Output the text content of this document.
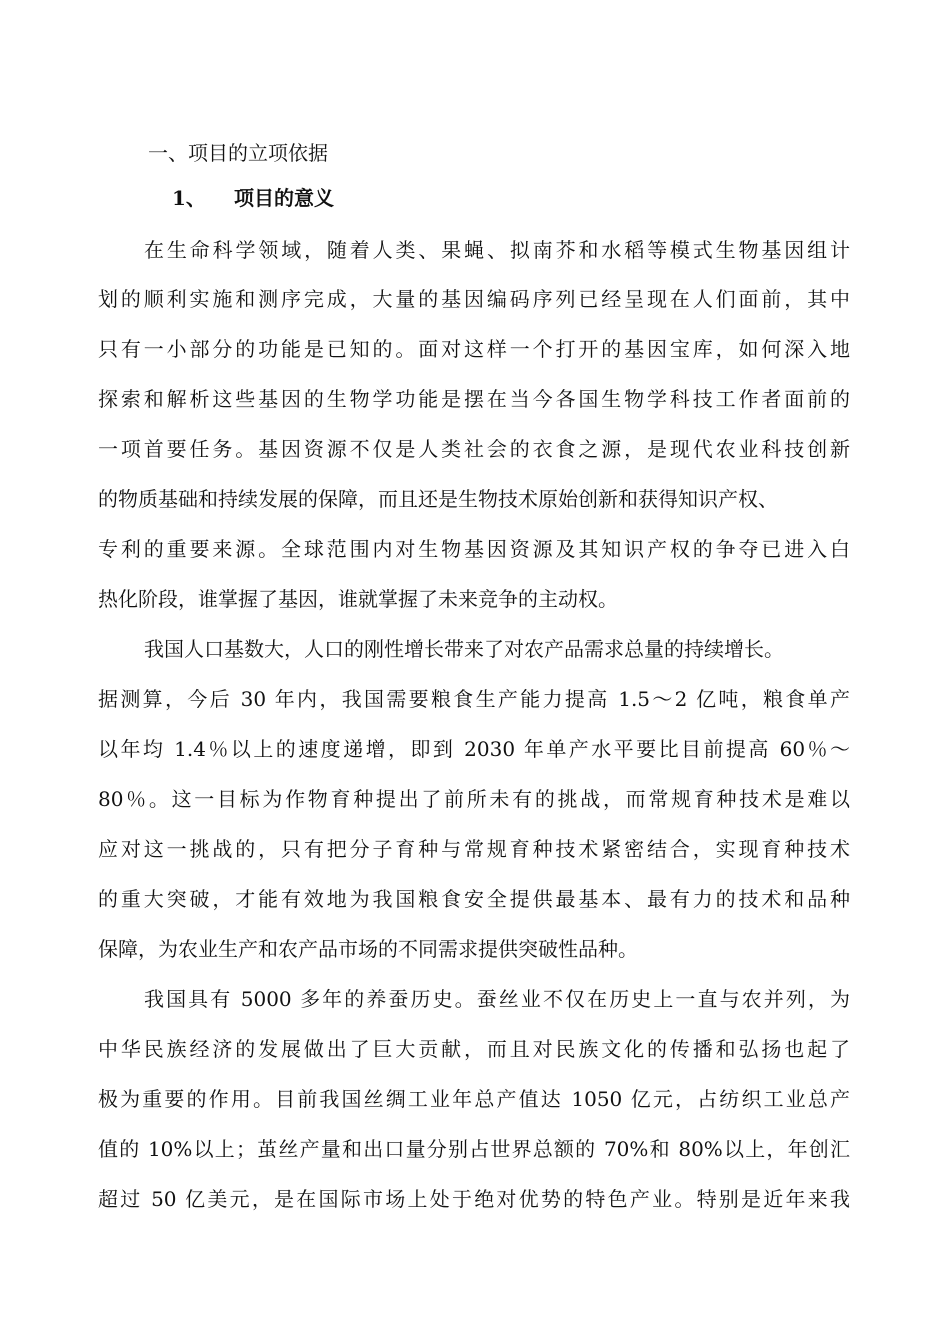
一、项目的立项依据
1、 项目的意义
在生命科学领域，随着人类、果蝇、拟南芥和水稻等模式生物基因组计
划的顺利实施和测序完成，大量的基因编码序列已经呈现在人们面前，其中
只有一小部分的功能是已知的。面对这样一个打开的基因宝库，如何深入地
探索和解析这些基因的生物学功能是摆在当今各国生物学科技工作者面前的
一项首要任务。基因资源不仅是人类社会的衣食之源，是现代农业科技创新
的物质基础和持续发展的保障，而且还是生物技术原始创新和获得知识产权、
专利的重要来源。全球范围内对生物基因资源及其知识产权的争夺已进入白
热化阶段，谁掌握了基因，谁就掌握了未来竞争的主动权。
我国人口基数大，人口的刚性增长带来了对农产品需求总量的持续增长。
据测算，今后 30 年内，我国需要粮食生产能力提高 1.5～2 亿吨，粮食单产
以年均 1.4％以上的速度递增，即到 2030 年单产水平要比目前提高 60％～
80％。这一目标为作物育种提出了前所未有的挑战，而常规育种技术是难以
应对这一挑战的，只有把分子育种与常规育种技术紧密结合，实现育种技术
的重大突破，才能有效地为我国粮食安全提供最基本、最有力的技术和品种
保障，为农业生产和农产品市场的不同需求提供突破性品种。
我国具有 5000 多年的养蚕历史。蚕丝业不仅在历史上一直与农并列，为
中华民族经济的发展做出了巨大贡献，而且对民族文化的传播和弘扬也起了
极为重要的作用。目前我国丝绸工业年总产值达 1050 亿元，占纺织工业总产
值的 10%以上；茧丝产量和出口量分别占世界总额的 70%和 80%以上，年创汇
超过 50 亿美元，是在国际市场上处于绝对优势的特色产业。特别是近年来我
